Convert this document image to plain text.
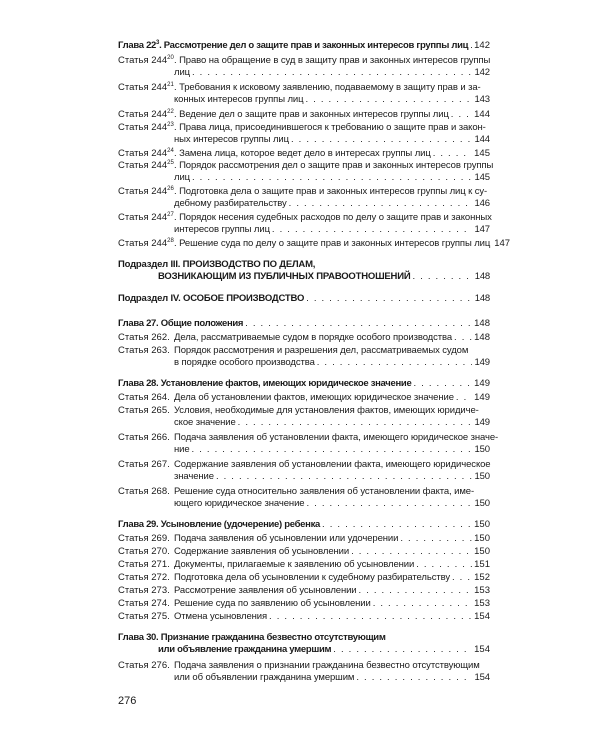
Глава $22^3$. Рассмотрение дел о защите прав и законных интересов группы лиц . . . 142
Статья $244^{20}$ . Право на обращение в суд в защиту прав и законных интересов группы
лиц . . .	142
Статья $244^{21}$ . Требования к исковому заявлению, подаваемому в защиту прав и за-
конных интересов группы лиц . . .	143
Статья $244^{22}$ . Ведение дел о защите прав и законных интересов группы лиц . . .	144
Статья $244^{23}$ . Права лица, присоединившегося к требованию о защите прав и закон-
ных интересов группы лиц . . .	144
Статья $244^{24}$ . Замена лица, которое ведет дело в интересах группы лиц . . .	145
Статья $244^{25}$ . Порядок рассмотрения дел о защите прав и законных интересов группы
лиц . . .	145
Статья $244^{26}$ . Подготовка дела о защите прав и законных интересов группы лиц к су-
дебному разбирательству . . .	146
Статья $244^{27}$ . Порядок несения судебных расходов по делу о защите прав и законных
интересов группы лиц . . .	147
Статья $244^{28}$ . Решение суда по делу о защите прав и законных интересов группы лиц 147
Подраздел III. ПРОИЗВОДСТВО ПО ДЕЛАМ,
ВОЗНИКАЮЩИМ ИЗ ПУБЛИЧНЫХ ПРАВООТНОШЕНИЙ . . .	148
Подраздел IV. ОСОБОЕ ПРОИЗВОДСТВО . . .	148
Глава 27. Общие положения . . .	148
Статья 262. Дела, рассматриваемые судом в порядке особого производства . . . 148
Статья 263. Порядок рассмотрения и разрешения дел, рассматриваемых судом
в порядке особого производства . . .	149
Глава 28. Установление фактов, имеющих юридическое значение . . .	149
Статья 264. Дела об установлении фактов, имеющих юридическое значение . . . 149
Статья 265. Условия, необходимые для установления фактов, имеющих юридиче-
ское значение . . .	149
Статья 266. Подача заявления об установлении факта, имеющего юридическое значе-
ние . . .	150
Статья 267. Содержание заявления об установлении факта, имеющего юридическое
значение . . .	150
Статья 268. Решение суда относительно заявления об установлении факта, име-
ющего юридическое значение . . .	150
Глава 29. Усыновление (удочерение) ребенка . . .	150
Статья 269. Подача заявления об усыновлении или удочерении . . .	150
Статья 270. Содержание заявления об усыновлении . . .	150
Статья 271. Документы, прилагаемые к заявлению об усыновлении . . .	151
Статья 272. Подготовка дела об усыновлении к судебному разбирательству . . .	152
Статья 273. Рассмотрение заявления об усыновлении . . .	153
Статья 274. Решение суда по заявлению об усыновлении . . .	153
Статья 275. Отмена усыновления . . .	154
Глава 30. Признание гражданина безвестно отсутствующим
или объявление гражданина умершим . . .	154
Статья 276. Подача заявления о признании гражданина безвестно отсутствующим
или об объявлении гражданина умершим . . .	154
276
